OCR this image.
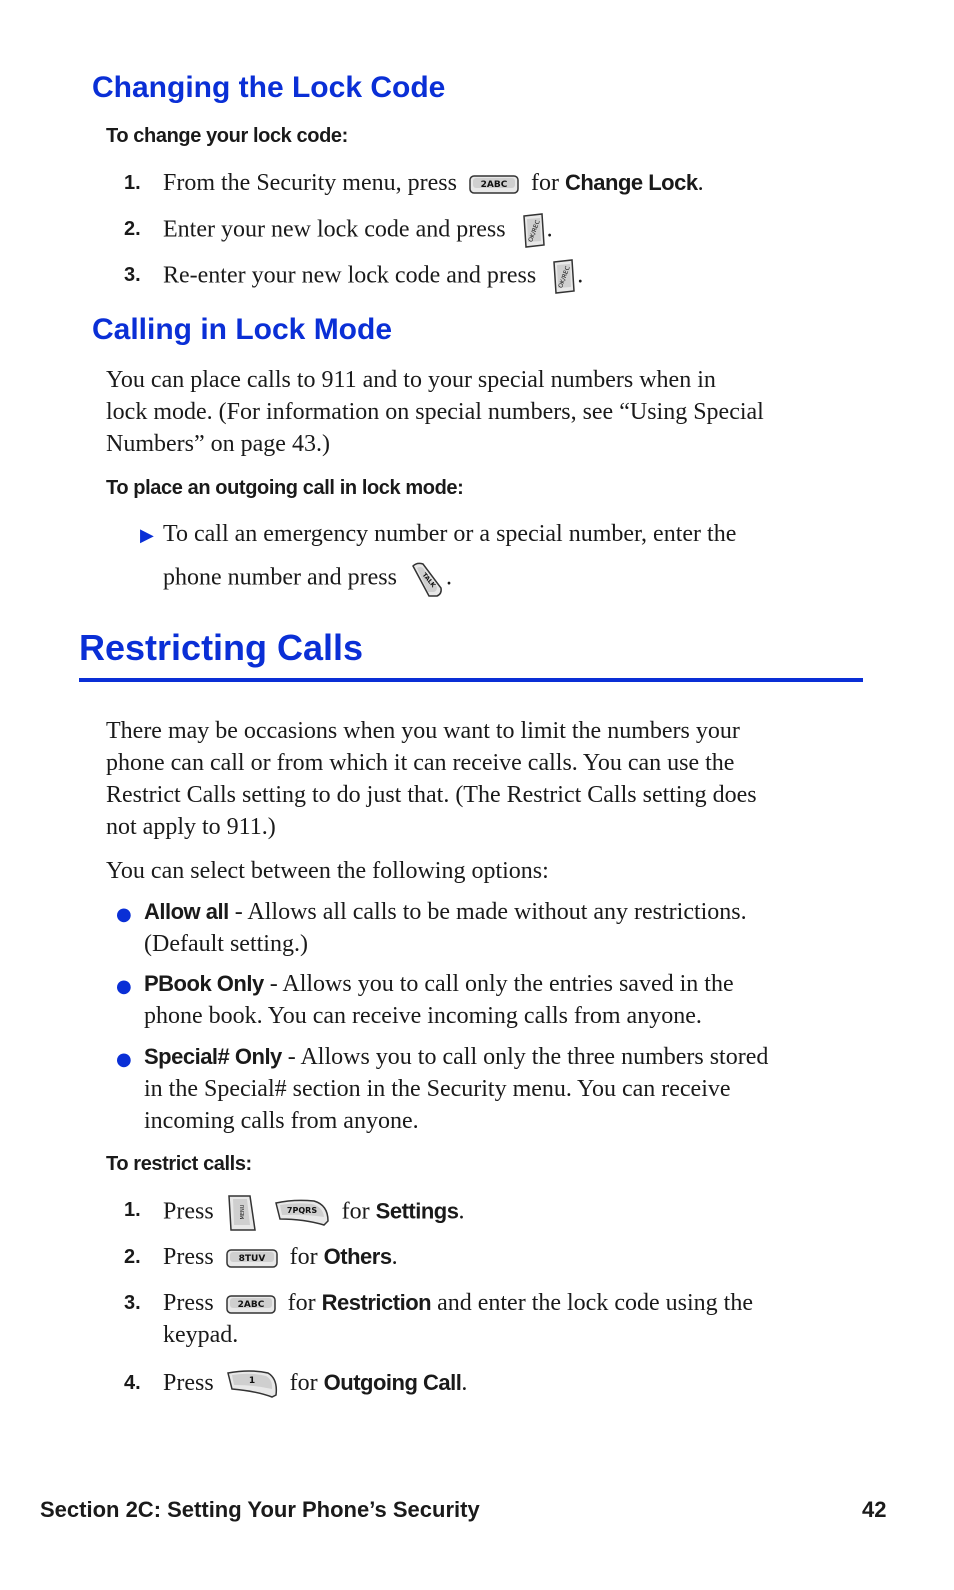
Changing the Lock Code

To change your lock code:

1. From the Security menu, press	2ABC for Change Lock.
2. Enter your new lock code and press	OK/REC .
3. Re-enter your new lock code and press	OK/REC .
Calling in Lock Mode
You can place calls to 911 and to your special numbers when in
lock mode. (For information on special numbers, see “Using Special
Numbers” on page 43.)

To place an outgoing call in lock mode:

▶ To call an emergency number or a special number, enter the
phone number and press	TALK .
Restricting Calls
There may be occasions when you want to limit the numbers your
phone can call or from which it can receive calls. You can use the
Restrict Calls setting to do just that. (The Restrict Calls setting does
not apply to 911.)
You can select between the following options:
● Allow all - Allows all calls to be made without any restrictions.
(Default setting.)
● PBook Only - Allows you to call only the entries saved in the
phone book. You can receive incoming calls from anyone.
● Special# Only - Allows you to call only the three numbers stored
in the Special# section in the Security menu. You can receive
incoming calls from anyone.

To restrict calls:

1. Press	MENU
	7PQRS for Settings.
2. Press	8TUV for Others.
3. Press	2ABC for Restriction and enter the lock code using the
keypad.
4. Press	1 for Outgoing Call.
Section 2C: Setting Your Phone’s Security	42
